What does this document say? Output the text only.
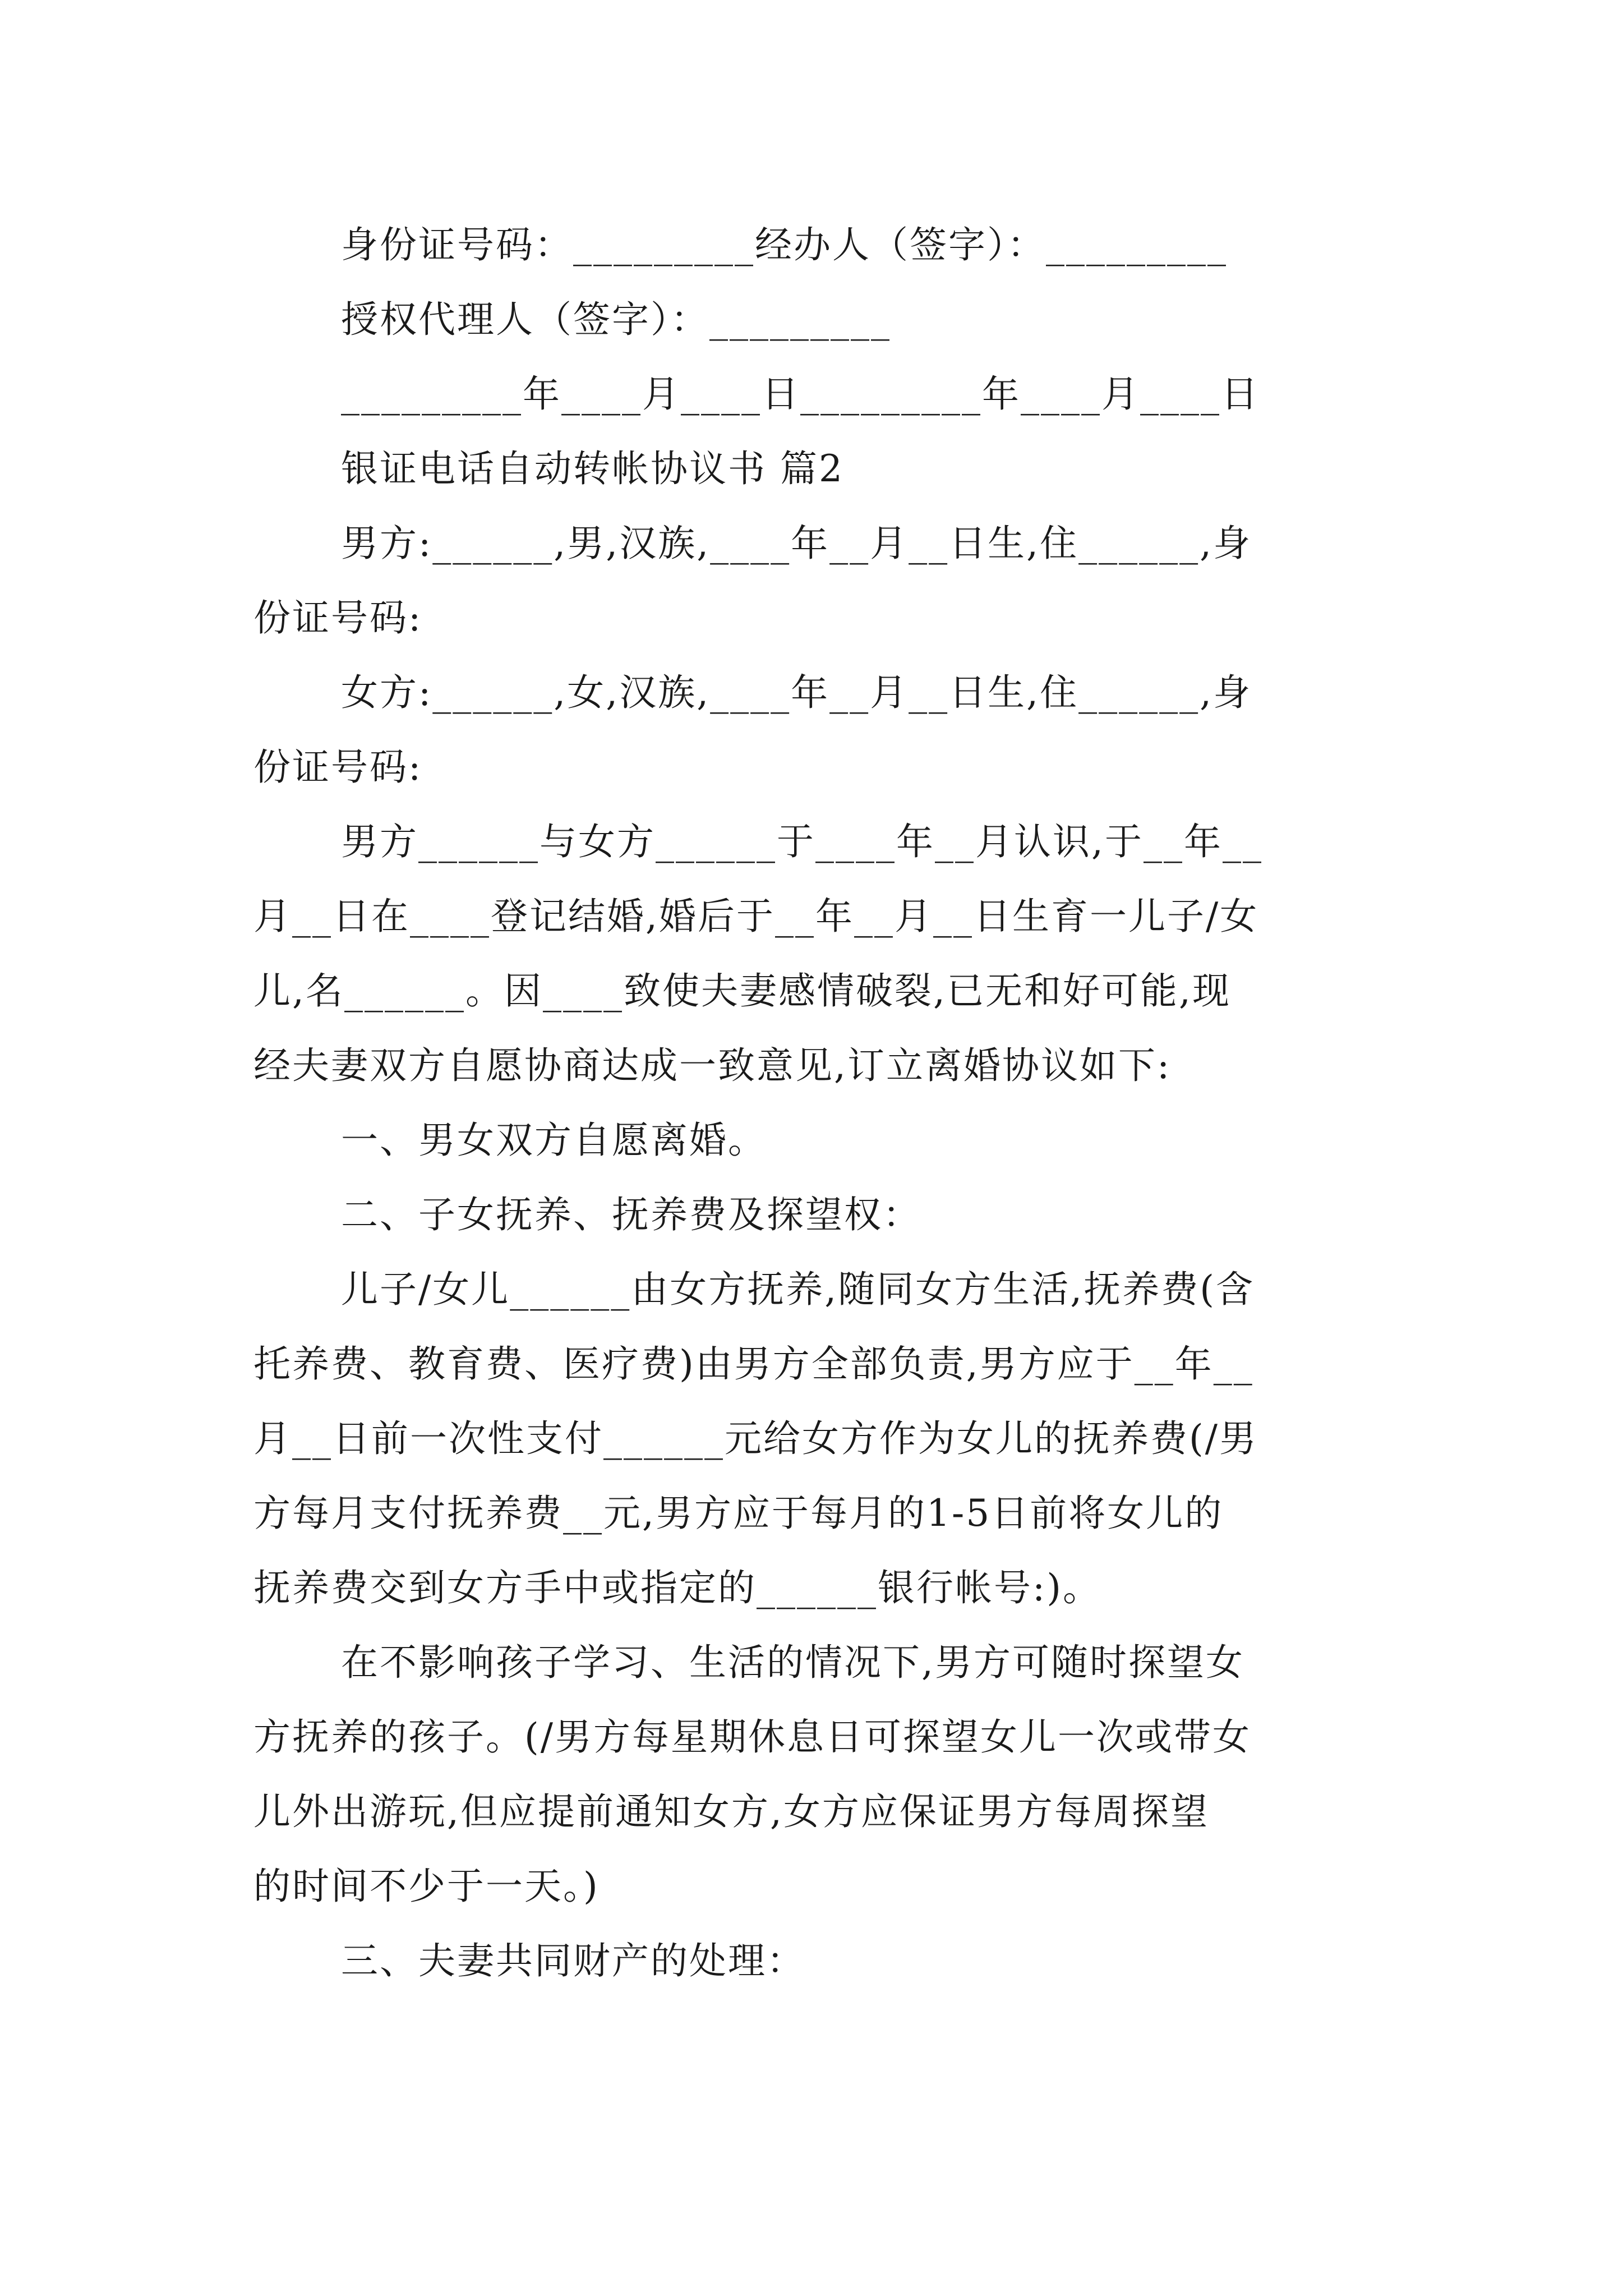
身份证号码：_________经办人（签字）：_________
授权代理人（签字）：_________
_________年____月____日_________年____月____日
银证电话自动转帐协议书 篇2
男方:______,男,汉族,____年__月__日生,住______,身
份证号码:
女方:______,女,汉族,____年__月__日生,住______,身
份证号码:
男方______与女方______于____年__月认识,于__年__
月__日在____登记结婚,婚后于__年__月__日生育一儿子/女
儿,名______。因____致使夫妻感情破裂,已无和好可能,现
经夫妻双方自愿协商达成一致意见,订立离婚协议如下:
一、男女双方自愿离婚。
二、子女抚养、抚养费及探望权：
儿子/女儿______由女方抚养,随同女方生活,抚养费(含
托养费、教育费、医疗费)由男方全部负责,男方应于__年__
月__日前一次性支付______元给女方作为女儿的抚养费(/男
方每月支付抚养费__元,男方应于每月的1-5日前将女儿的
抚养费交到女方手中或指定的______银行帐号:)。
在不影响孩子学习、生活的情况下,男方可随时探望女
方抚养的孩子。(/男方每星期休息日可探望女儿一次或带女
儿外出游玩,但应提前通知女方,女方应保证男方每周探望
的时间不少于一天。)
三、夫妻共同财产的处理：
